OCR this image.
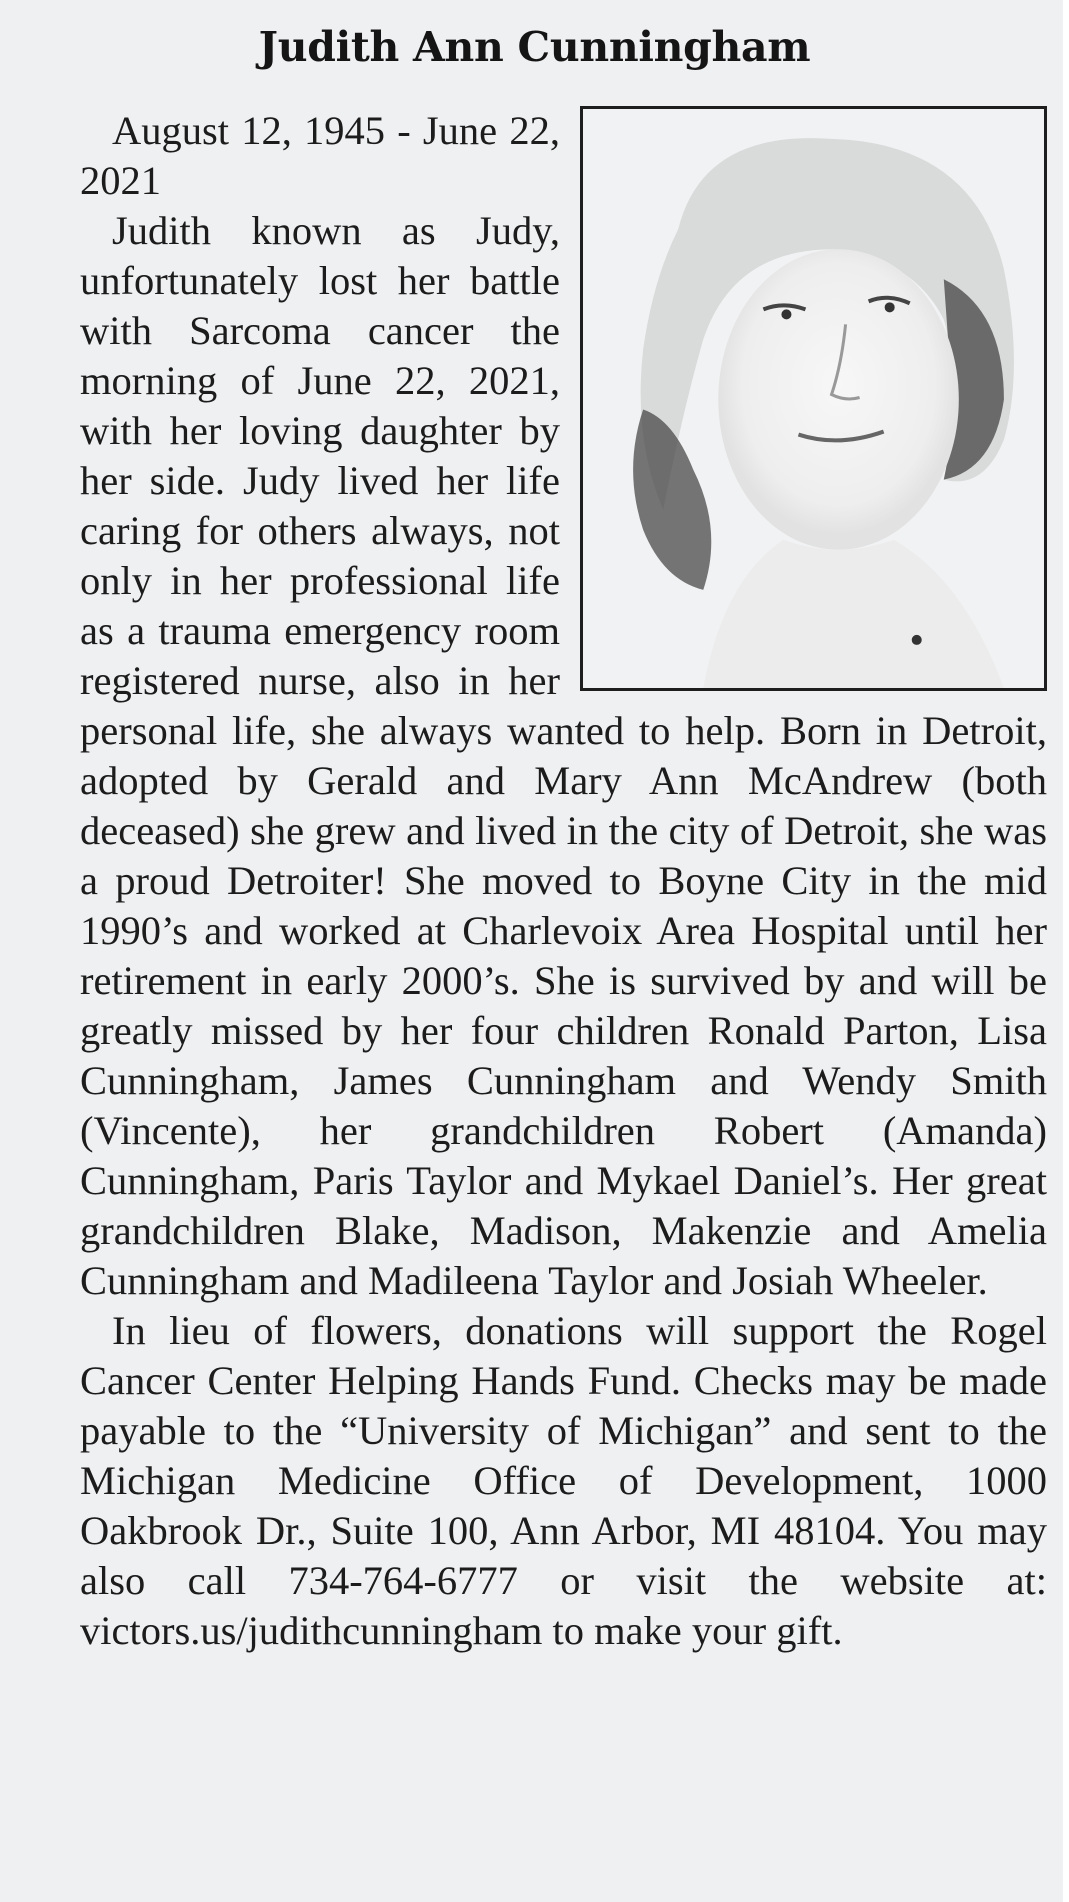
Judith Ann Cunningham

August 12, 1945 - June 22, 2021

Judith known as Judy, unfortunately lost her battle with Sarcoma cancer the morning of June 22, 2021, with her loving daughter by her side. Judy lived her life caring for others always, not only in her professional life as a trauma emergency room registered nurse, also in her personal life, she always wanted to help. Born in Detroit, adopted by Gerald and Mary Ann McAndrew (both deceased) she grew and lived in the city of Detroit, she was a proud Detroiter! She moved to Boyne City in the mid 1990’s and worked at Charlevoix Area Hospital until her retirement in early 2000’s. She is survived by and will be greatly missed by her four children Ronald Parton, Lisa Cunningham, James Cunningham and Wendy Smith (Vincente), her grandchildren Robert (Amanda) Cunningham, Paris Taylor and Mykael Daniel’s. Her great grandchildren Blake, Madison, Makenzie and Amelia Cunningham and Madileena Taylor and Josiah Wheeler.

In lieu of flowers, donations will support the Rogel Cancer Center Helping Hands Fund. Checks may be made payable to the “University of Michigan” and sent to the Michigan Medicine Office of Development, 1000 Oakbrook Dr., Suite 100, Ann Arbor, MI 48104. You may also call 734-764-6777 or visit the website at: victors.us/judithcunningham to make your gift.
